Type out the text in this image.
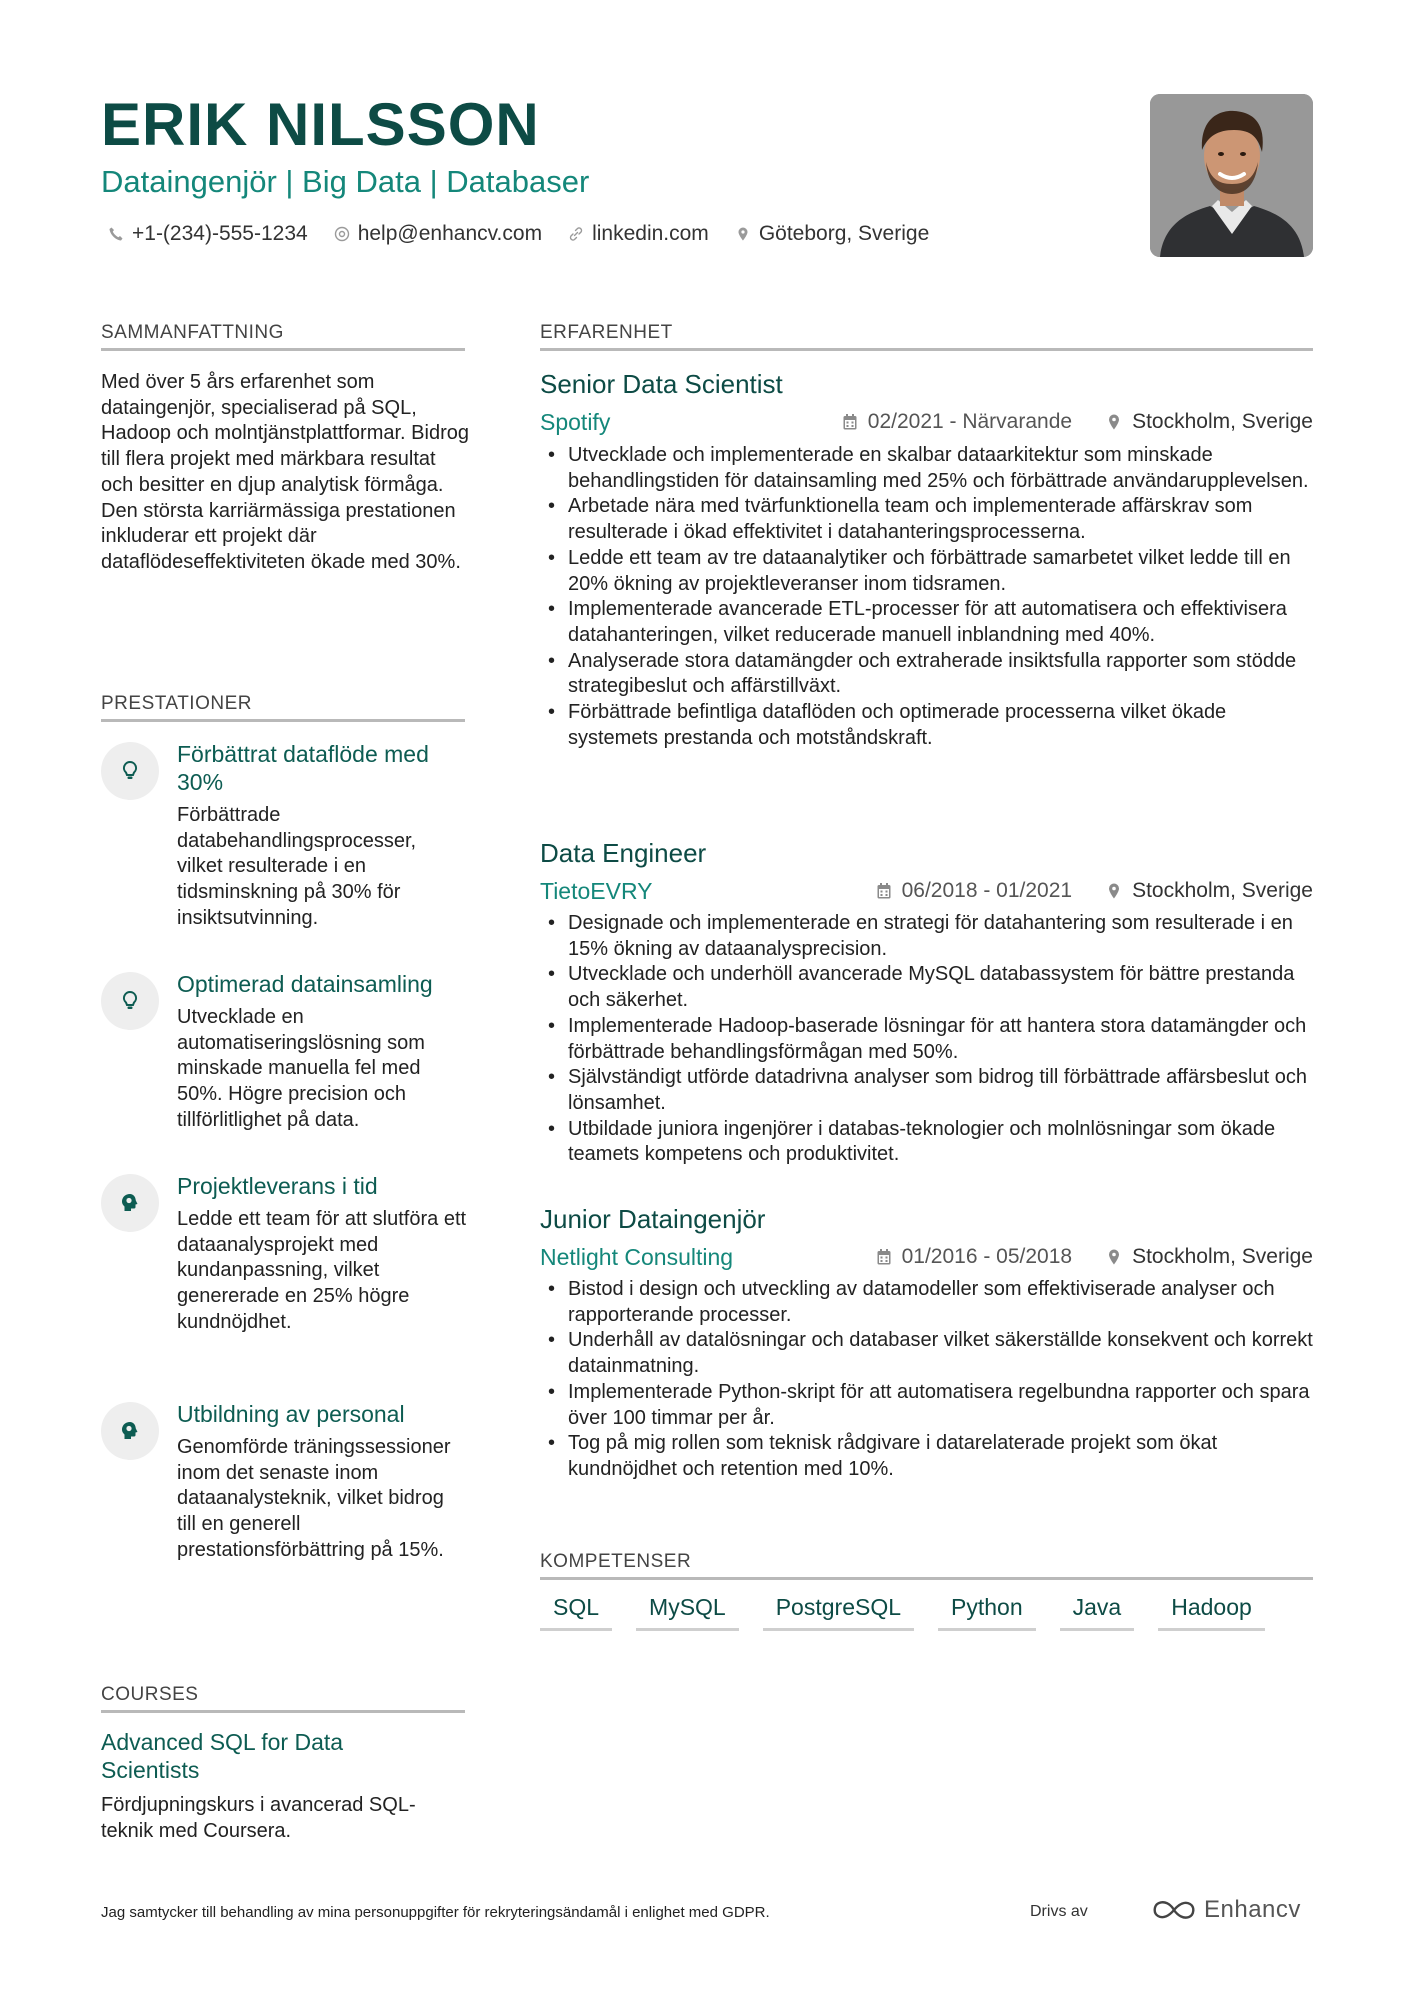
ERIK NILSSON
Dataingenjör | Big Data | Databaser
+1-(234)-555-1234 help@enhancv.com linkedin.com Göteborg, Sverige
SAMMANFATTNING

Med över 5 års erfarenhet som dataingenjör, specialiserad på SQL, Hadoop och molntjänstplattformar. Bidrog till flera projekt med märkbara resultat och besitter en djup analytisk förmåga. Den största karriärmässiga prestationen inkluderar ett projekt där dataflödeseffektiviteten ökade med 30%.

PRESTATIONER
Förbättrat dataflöde med 30%
Förbättrade databehandlingsprocesser, vilket resulterade i en tidsminskning på 30% för insiktsutvinning.
Optimerad datainsamling
Utvecklade en automatiseringslösning som minskade manuella fel med 50%. Högre precision och tillförlitlighet på data.
Projektleverans i tid
Ledde ett team för att slutföra ett dataanalysprojekt med kundanpassning, vilket genererade en 25% högre kundnöjdhet.
Utbildning av personal
Genomförde träningssessioner inom det senaste inom dataanalysteknik, vilket bidrog till en generell prestationsförbättring på 15%.
COURSES
Advanced SQL for Data Scientists
Fördjupningskurs i avancerad SQL-teknik med Coursera.
ERFARENHET
Senior Data Scientist
Spotify	02/2021 - Närvarande	Stockholm, Sverige
• Utvecklade och implementerade en skalbar dataarkitektur som minskade behandlingstiden för datainsamling med 25% och förbättrade användarupplevelsen.
• Arbetade nära med tvärfunktionella team och implementerade affärskrav som resulterade i ökad effektivitet i datahanteringsprocesserna.
• Ledde ett team av tre dataanalytiker och förbättrade samarbetet vilket ledde till en 20% ökning av projektleveranser inom tidsramen.
• Implementerade avancerade ETL-processer för att automatisera och effektivisera datahanteringen, vilket reducerade manuell inblandning med 40%.
• Analyserade stora datamängder och extraherade insiktsfulla rapporter som stödde strategibeslut och affärstillväxt.
• Förbättrade befintliga dataflöden och optimerade processerna vilket ökade systemets prestanda och motståndskraft.
Data Engineer
TietoEVRY	06/2018 - 01/2021	Stockholm, Sverige
• Designade och implementerade en strategi för datahantering som resulterade i en 15% ökning av dataanalysprecision.
• Utvecklade och underhöll avancerade MySQL databassystem för bättre prestanda och säkerhet.
• Implementerade Hadoop-baserade lösningar för att hantera stora datamängder och förbättrade behandlingsförmågan med 50%.
• Självständigt utförde datadrivna analyser som bidrog till förbättrade affärsbeslut och lönsamhet.
• Utbildade juniora ingenjörer i databas-teknologier och molnlösningar som ökade teamets kompetens och produktivitet.
Junior Dataingenjör
Netlight Consulting	01/2016 - 05/2018	Stockholm, Sverige
• Bistod i design och utveckling av datamodeller som effektiviserade analyser och rapporterande processer.
• Underhåll av datalösningar och databaser vilket säkerställde konsekvent och korrekt datainmatning.
• Implementerade Python-skript för att automatisera regelbundna rapporter och spara över 100 timmar per år.
• Tog på mig rollen som teknisk rådgivare i datarelaterade projekt som ökat kundnöjdhet och retention med 10%.
KOMPETENSER
SQL	MySQL	PostgreSQL	Python	Java	Hadoop
Jag samtycker till behandling av mina personuppgifter för rekryteringsändamål i enlighet med GDPR.	Drivs av	Enhancv
